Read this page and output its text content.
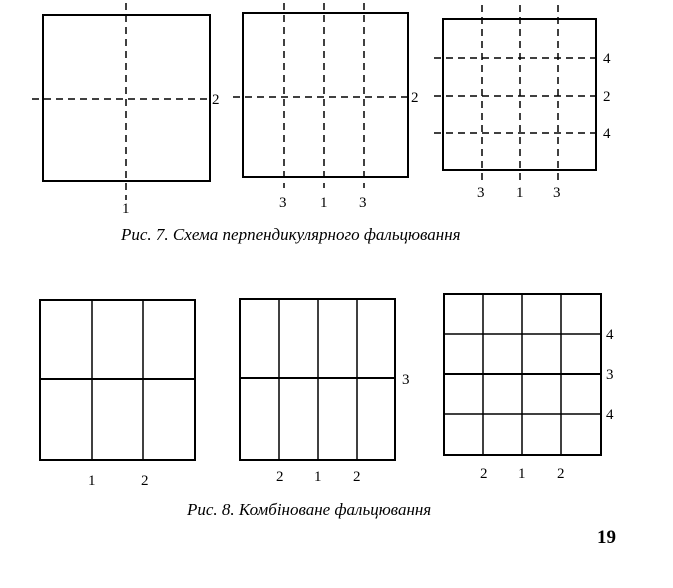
1
2
3 1 3
2
3 1 3
4
2
4
1	2	2 1 2
3
2 1 2
4
3
4
Рис. 7. Схема перпендикулярного фальцювання
Рис. 8. Комбіноване фальцювання
19
